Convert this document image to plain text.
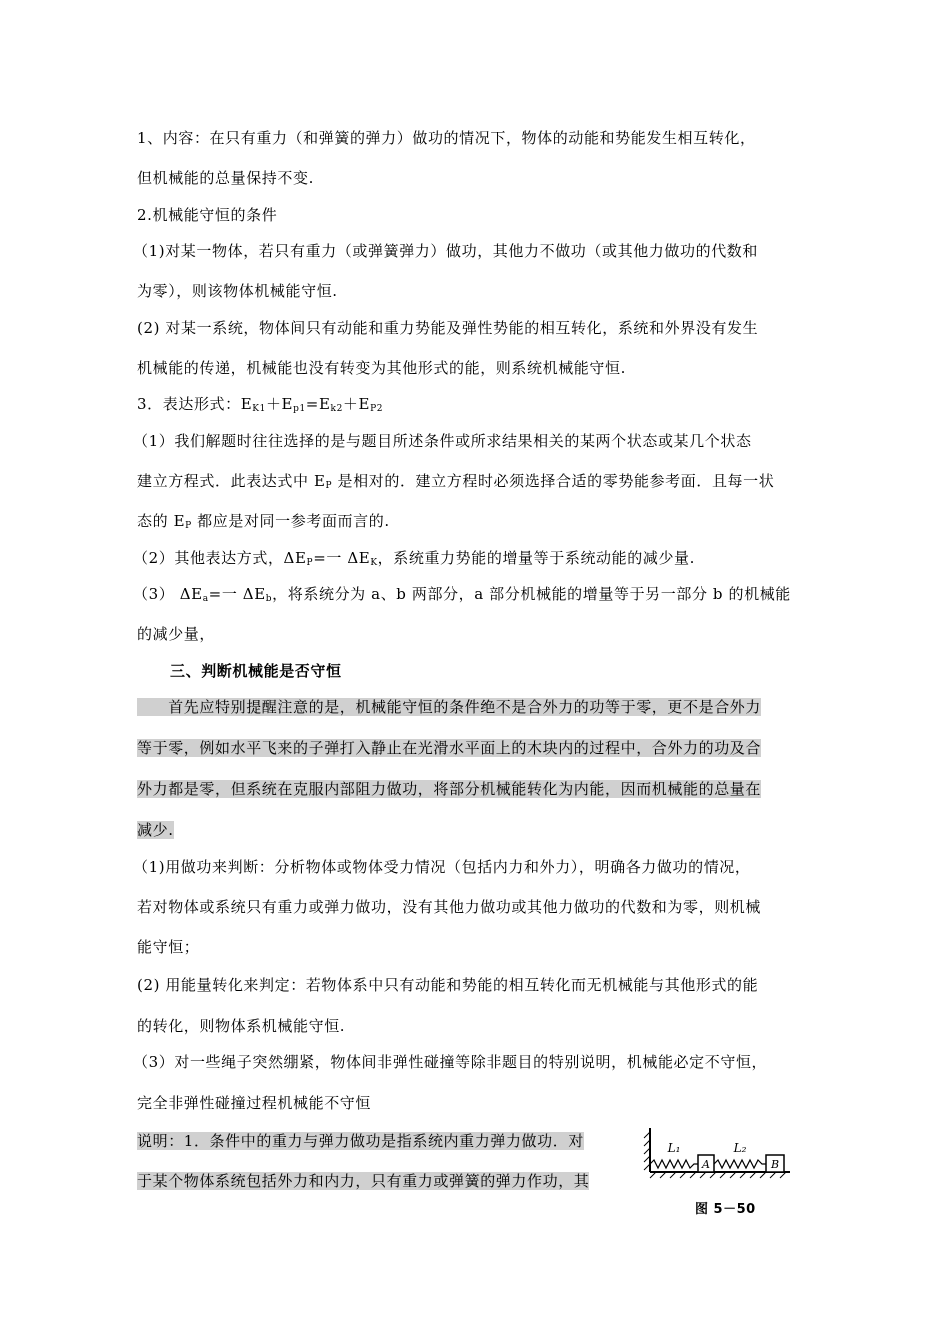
1、内容：在只有重力（和弹簧的弹力）做功的情况下，物体的动能和势能发生相互转化，
但机械能的总量保持不变.
2.机械能守恒的条件
（1)对某一物体，若只有重力（或弹簧弹力）做功，其他力不做功（或其他力做功的代数和
为零），则该物体机械能守恒.
(2) 对某一系统，物体间只有动能和重力势能及弹性势能的相互转化，系统和外界没有发生
机械能的传递，机械能也没有转变为其他形式的能，则系统机械能守恒.
3．表达形式：$E_{K1}+E_{p1}=E_{k2}+E_{P2}$
（1）我们解题时往往选择的是与题目所述条件或所求结果相关的某两个状态或某几个状态
建立方程式．此表达式中 $E_P$ 是相对的．建立方程时必须选择合适的零势能参考面．且每一状
态的 $E_P$ 都应是对同一参考面而言的.
（2）其他表达方式，$\Delta E_P=$一 $\Delta E_K$，系统重力势能的增量等于系统动能的减少量.
（3） $\Delta E_a=$一 $\Delta E_b$，将系统分为 a、b 两部分，a 部分机械能的增量等于另一部分 b 的机械能
的减少量，
三、判断机械能是否守恒
　　首先应特别提醒注意的是，机械能守恒的条件绝不是合外力的功等于零，更不是合外力
等于零，例如水平飞来的子弹打入静止在光滑水平面上的木块内的过程中，合外力的功及合
外力都是零，但系统在克服内部阻力做功，将部分机械能转化为内能，因而机械能的总量在
减少.
（1)用做功来判断：分析物体或物体受力情况（包括内力和外力），明确各力做功的情况，
若对物体或系统只有重力或弹力做功，没有其他力做功或其他力做功的代数和为零，则机械
能守恒；
(2) 用能量转化来判定：若物体系中只有动能和势能的相互转化而无机械能与其他形式的能
的转化，则物体系机械能守恒.
（3）对一些绳子突然绷紧，物体间非弹性碰撞等除非题目的特别说明，机械能必定不守恒，
完全非弹性碰撞过程机械能不守恒
说明：1．条件中的重力与弹力做功是指系统内重力弹力做功．对
于某个物体系统包括外力和内力，只有重力或弹簧的弹力作功，其
A	B
L₁	L₂
图 5－50
